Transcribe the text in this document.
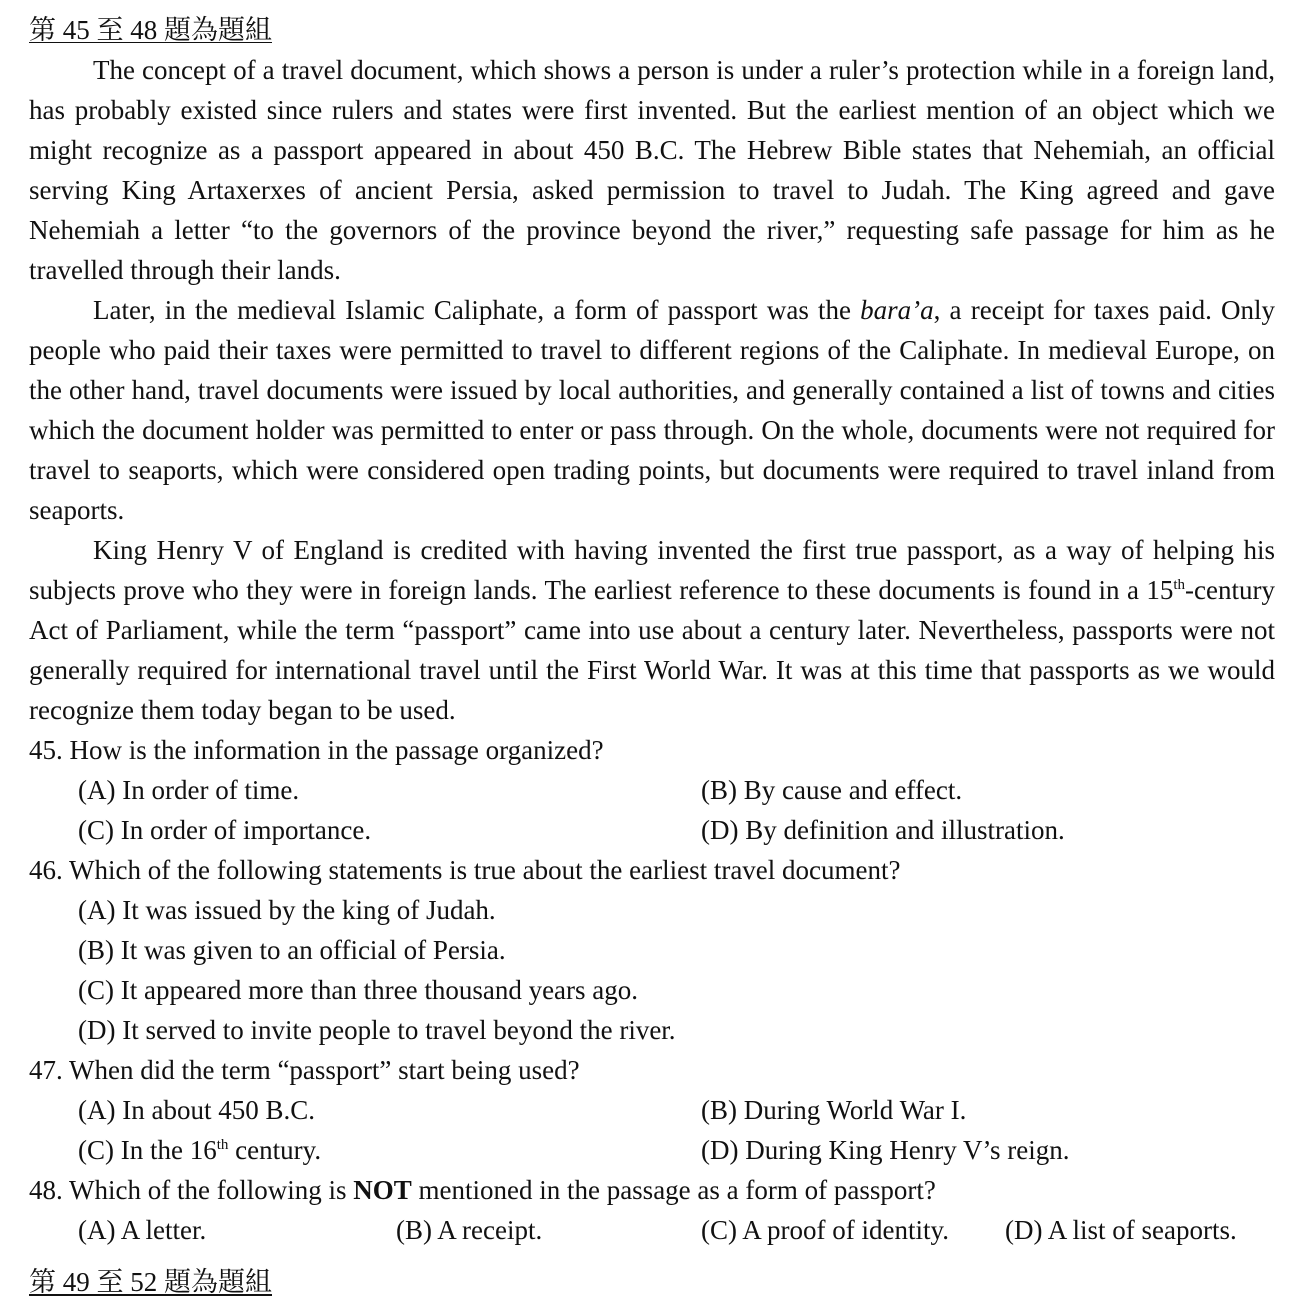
第 45 至 48 題為題組

The concept of a travel document, which shows a person is under a ruler’s protection while in a foreign land, has probably existed since rulers and states were first invented. But the earliest mention of an object which we might recognize as a passport appeared in about 450 B.C. The Hebrew Bible states that Nehemiah, an official serving King Artaxerxes of ancient Persia, asked permission to travel to Judah. The King agreed and gave Nehemiah a letter “to the governors of the province beyond the river,” requesting safe passage for him as he travelled through their lands.

Later, in the medieval Islamic Caliphate, a form of passport was the bara’a, a receipt for taxes paid. Only people who paid their taxes were permitted to travel to different regions of the Caliphate. In medieval Europe, on the other hand, travel documents were issued by local authorities, and generally contained a list of towns and cities which the document holder was permitted to enter or pass through. On the whole, documents were not required for travel to seaports, which were considered open trading points, but documents were required to travel inland from seaports.

King Henry V of England is credited with having invented the first true passport, as a way of helping his subjects prove who they were in foreign lands. The earliest reference to these documents is found in a 15th-century Act of Parliament, while the term “passport” came into use about a century later. Nevertheless, passports were not generally required for international travel until the First World War. It was at this time that passports as we would recognize them today began to be used.

45. How is the information in the passage organized?
(A) In order of time.	(B) By cause and effect.
(C) In order of importance.	(D) By definition and illustration.
46. Which of the following statements is true about the earliest travel document?
(A) It was issued by the king of Judah.
(B) It was given to an official of Persia.
(C) It appeared more than three thousand years ago.
(D) It served to invite people to travel beyond the river.
47. When did the term “passport” start being used?
(A) In about 450 B.C.	(B) During World War I.
(C) In the 16th century.	(D) During King Henry V’s reign.
48. Which of the following is NOT mentioned in the passage as a form of passport?
(A) A letter.	(B) A receipt.	(C) A proof of identity. (D) A list of seaports.
第 49 至 52 題為題組
